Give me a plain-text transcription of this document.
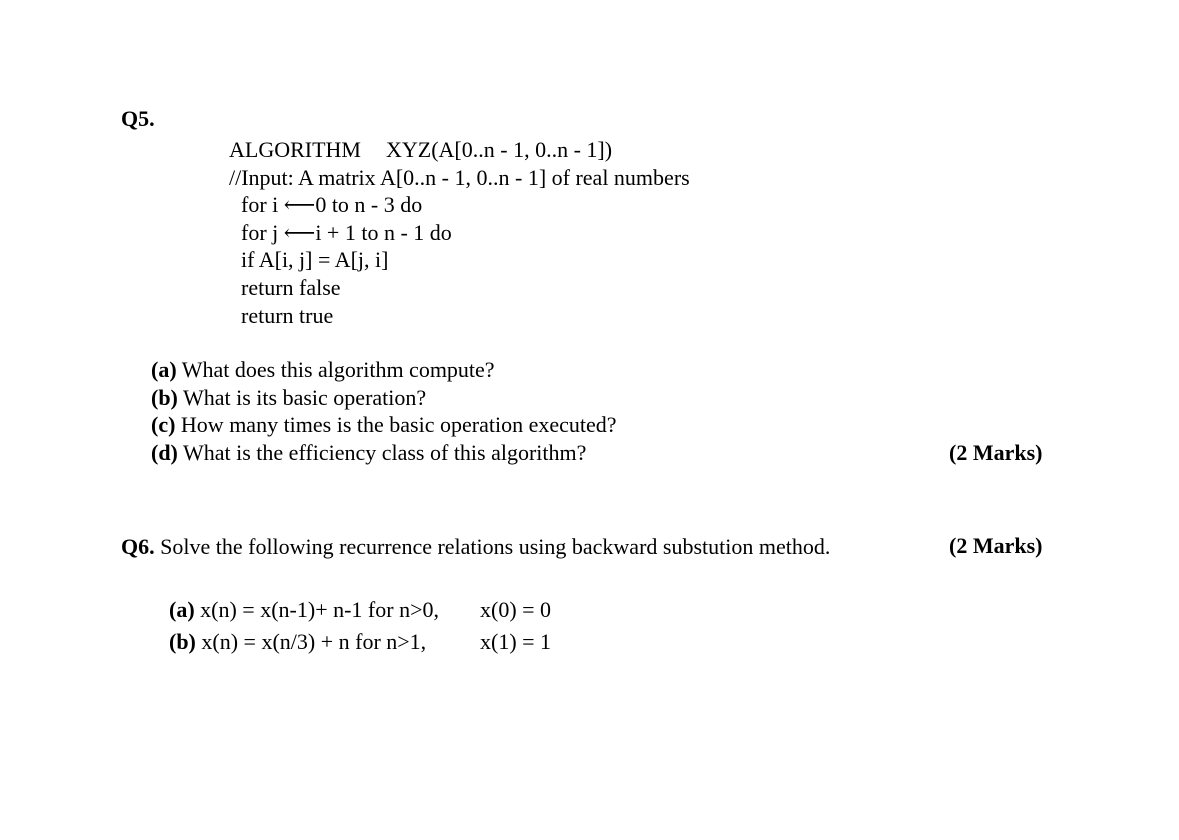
Q5.
ALGORITHM XYZ(A[0..n - 1, 0..n - 1])
//Input: A matrix A[0..n - 1, 0..n - 1] of real numbers
for i ⟵0 to n - 3 do
for j ⟵i + 1 to n - 1 do
if A[i, j] = A[j, i]
return false
return true
(a) What does this algorithm compute?
(b) What is its basic operation?
(c) How many times is the basic operation executed?
(d) What is the efficiency class of this algorithm?	(2 Marks)
Q6. Solve the following recurrence relations using backward substution method.	(2 Marks)
(a) x(n) = x(n-1)+ n-1 for n>0, x(0) = 0
(b) x(n) = x(n/3) + n for n>1, x(1) = 1
